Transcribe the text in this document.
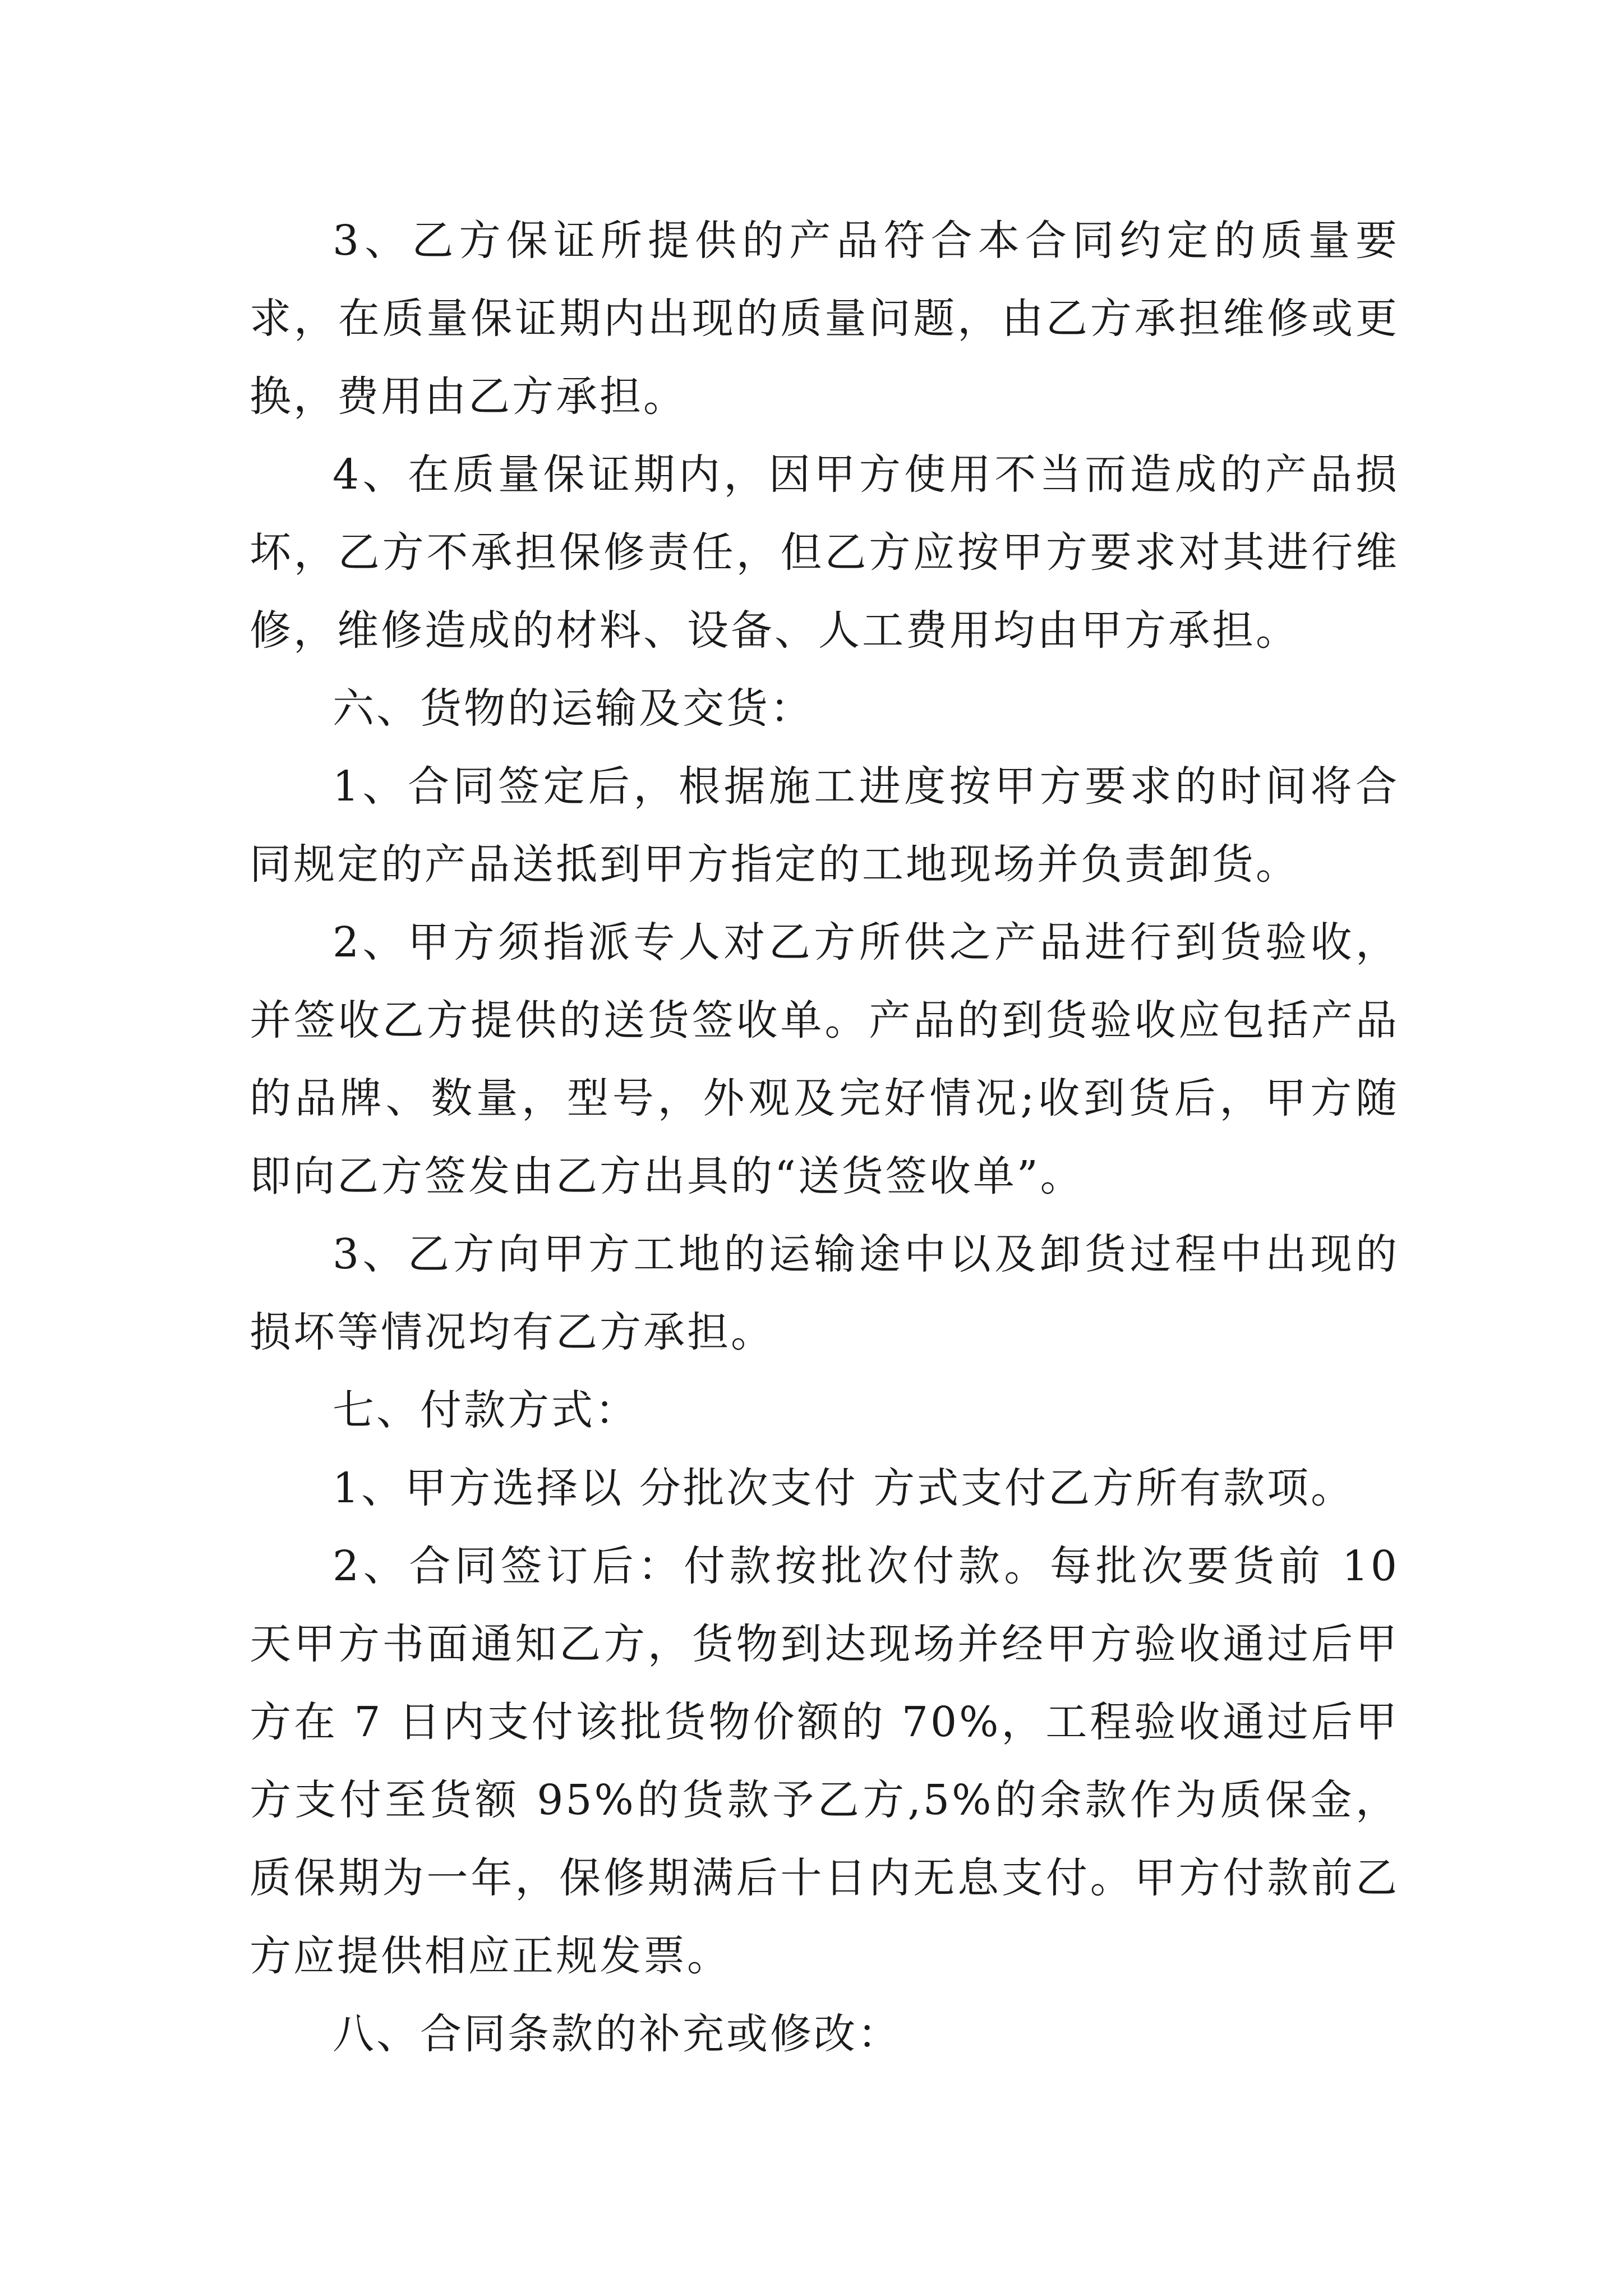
3、乙方保证所提供的产品符合本合同约定的质量要求，在质量保证期内出现的质量问题，由乙方承担维修或更换，费用由乙方承担。

4、在质量保证期内，因甲方使用不当而造成的产品损坏，乙方不承担保修责任，但乙方应按甲方要求对其进行维修，维修造成的材料、设备、人工费用均由甲方承担。

六、货物的运输及交货：

1、合同签定后，根据施工进度按甲方要求的时间将合同规定的产品送抵到甲方指定的工地现场并负责卸货。

2、甲方须指派专人对乙方所供之产品进行到货验收，并签收乙方提供的送货签收单。产品的到货验收应包括产品的品牌、数量，型号，外观及完好情况;收到货后，甲方随即向乙方签发由乙方出具的“送货签收单”。

3、乙方向甲方工地的运输途中以及卸货过程中出现的损坏等情况均有乙方承担。

七、付款方式：

1、甲方选择以 分批次支付 方式支付乙方所有款项。

2、合同签订后：付款按批次付款。每批次要货前 10 天甲方书面通知乙方，货物到达现场并经甲方验收通过后甲方在 7 日内支付该批货物价额的 70%，工程验收通过后甲方支付至货额 95%的货款予乙方,5%的余款作为质保金，质保期为一年，保修期满后十日内无息支付。甲方付款前乙方应提供相应正规发票。

八、合同条款的补充或修改：
